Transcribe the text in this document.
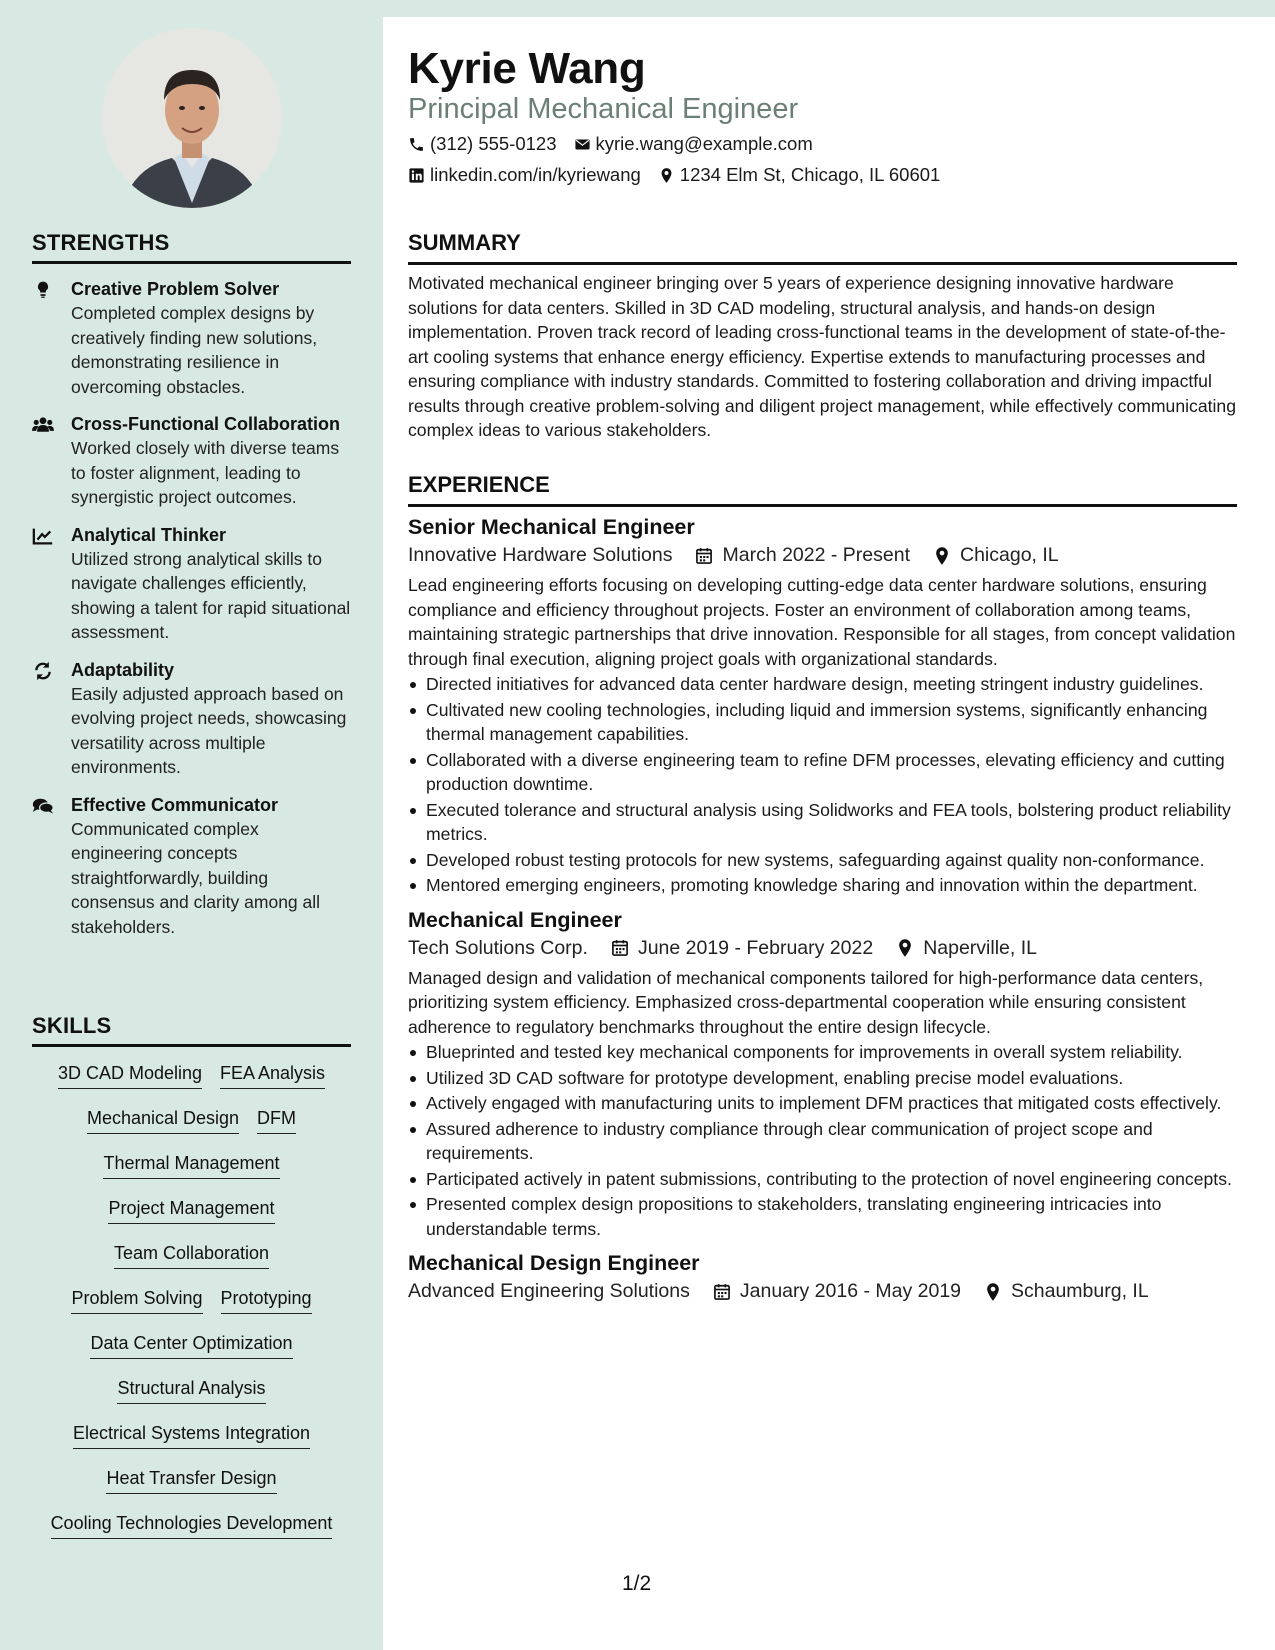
STRENGTHS
Creative Problem Solver
Completed complex designs by creatively finding new solutions, demonstrating resilience in overcoming obstacles.
Cross-Functional Collaboration
Worked closely with diverse teams to foster alignment, leading to synergistic project outcomes.
Analytical Thinker
Utilized strong analytical skills to navigate challenges efficiently, showing a talent for rapid situational assessment.
Adaptability
Easily adjusted approach based on evolving project needs, showcasing versatility across multiple environments.
Effective Communicator
Communicated complex engineering concepts straightforwardly, building consensus and clarity among all stakeholders.
SKILLS
3D CAD Modeling FEA Analysis
Mechanical Design DFM
Thermal Management
Project Management
Team Collaboration
Problem Solving Prototyping
Data Center Optimization
Structural Analysis
Electrical Systems Integration
Heat Transfer Design
Cooling Technologies Development
Kyrie Wang
Principal Mechanical Engineer
(312) 555-0123 kyrie.wang@example.com
linkedin.com/in/kyriewang 1234 Elm St, Chicago, IL 60601
SUMMARY
Motivated mechanical engineer bringing over 5 years of experience designing innovative hardware solutions for data centers. Skilled in 3D CAD modeling, structural analysis, and hands-on design implementation. Proven track record of leading cross-functional teams in the development of state-of-the-art cooling systems that enhance energy efficiency. Expertise extends to manufacturing processes and ensuring compliance with industry standards. Committed to fostering collaboration and driving impactful results through creative problem-solving and diligent project management, while effectively communicating complex ideas to various stakeholders.
EXPERIENCE
Senior Mechanical Engineer
Innovative Hardware Solutions	March 2022 - Present	Chicago, IL
Lead engineering efforts focusing on developing cutting-edge data center hardware solutions, ensuring compliance and efficiency throughout projects. Foster an environment of collaboration among teams, maintaining strategic partnerships that drive innovation. Responsible for all stages, from concept validation through final execution, aligning project goals with organizational standards.
Directed initiatives for advanced data center hardware design, meeting stringent industry guidelines.
Cultivated new cooling technologies, including liquid and immersion systems, significantly enhancing thermal management capabilities.
Collaborated with a diverse engineering team to refine DFM processes, elevating efficiency and cutting production downtime.
Executed tolerance and structural analysis using Solidworks and FEA tools, bolstering product reliability metrics.
Developed robust testing protocols for new systems, safeguarding against quality non-conformance.
Mentored emerging engineers, promoting knowledge sharing and innovation within the department.
Mechanical Engineer
Tech Solutions Corp.	June 2019 - February 2022	Naperville, IL
Managed design and validation of mechanical components tailored for high-performance data centers, prioritizing system efficiency. Emphasized cross-departmental cooperation while ensuring consistent adherence to regulatory benchmarks throughout the entire design lifecycle.
Blueprinted and tested key mechanical components for improvements in overall system reliability.
Utilized 3D CAD software for prototype development, enabling precise model evaluations.
Actively engaged with manufacturing units to implement DFM practices that mitigated costs effectively.
Assured adherence to industry compliance through clear communication of project scope and requirements.
Participated actively in patent submissions, contributing to the protection of novel engineering concepts.
Presented complex design propositions to stakeholders, translating engineering intricacies into understandable terms.
Mechanical Design Engineer
Advanced Engineering Solutions	January 2016 - May 2019	Schaumburg, IL
1/2
